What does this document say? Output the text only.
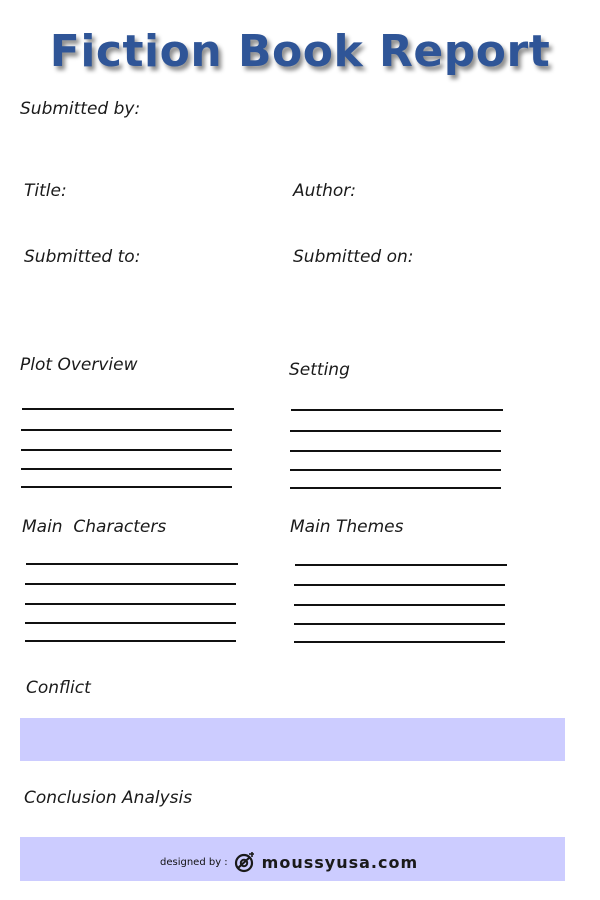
Fiction Book Report
Submitted by:
Title:	Author:
Submitted to:	Submitted on:
Plot Overview	Setting
Main  Characters	Main Themes
Conflict
Conclusion Analysis
designed by : moussyusa.com
